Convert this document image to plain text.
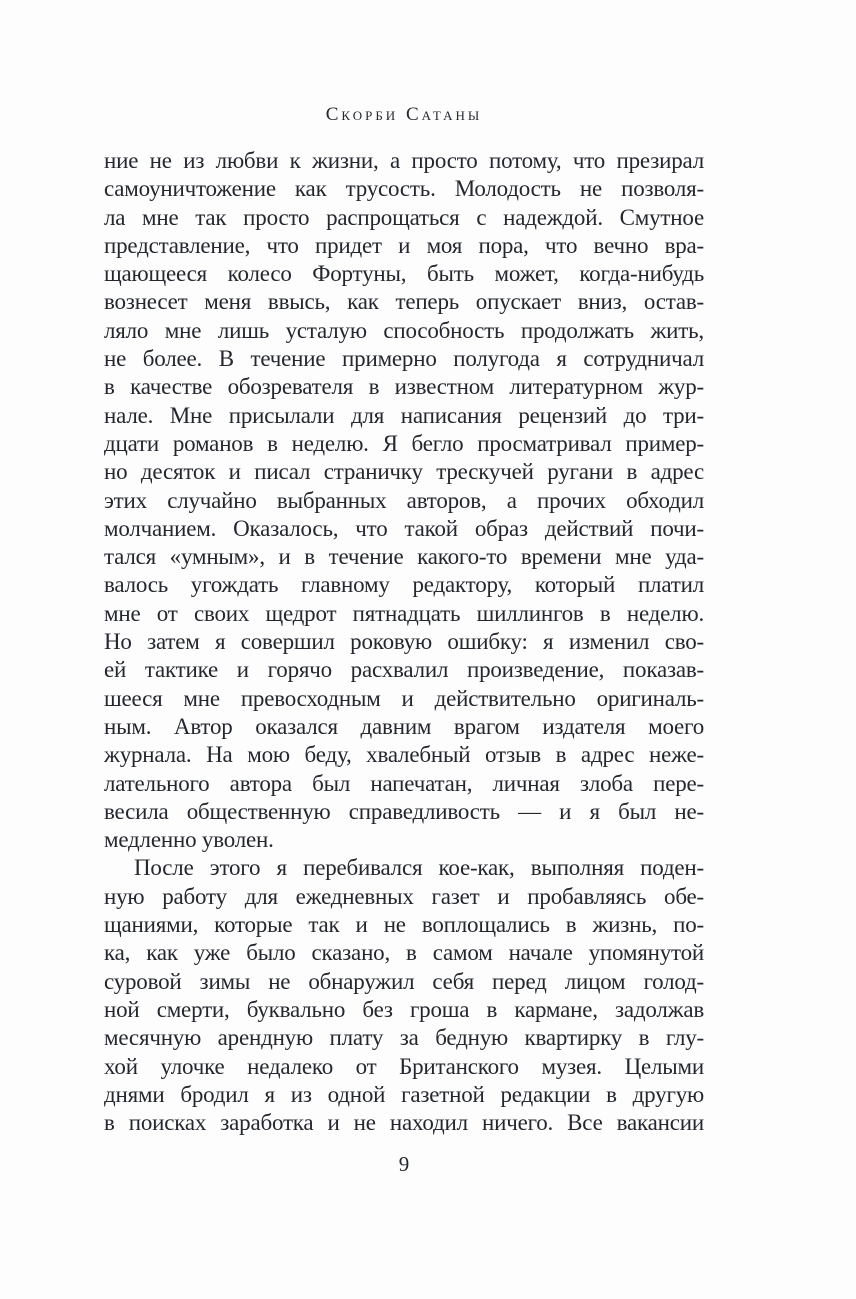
Скорби Сатаны
ние не из любви к жизни, а просто потому, что презирал
самоуничтожение как трусость. Молодость не позволя-
ла мне так просто распрощаться с надеждой. Смутное
представление, что придет и моя пора, что вечно вра-
щающееся колесо Фортуны, быть может, когда-нибудь
вознесет меня ввысь, как теперь опускает вниз, остав-
ляло мне лишь усталую способность продолжать жить,
не более. В течение примерно полугода я сотрудничал
в качестве обозревателя в известном литературном жур-
нале. Мне присылали для написания рецензий до три-
дцати романов в неделю. Я бегло просматривал пример-
но десяток и писал страничку трескучей ругани в адрес
этих случайно выбранных авторов, а прочих обходил
молчанием. Оказалось, что такой образ действий почи-
тался «умным», и в течение какого-то времени мне уда-
валось угождать главному редактору, который платил
мне от своих щедрот пятнадцать шиллингов в неделю.
Но затем я совершил роковую ошибку: я изменил сво-
ей тактике и горячо расхвалил произведение, показав-
шееся мне превосходным и действительно оригиналь-
ным. Автор оказался давним врагом издателя моего
журнала. На мою беду, хвалебный отзыв в адрес неже-
лательного автора был напечатан, личная злоба пере-
весила общественную справедливость — и я был не-
медленно уволен.
После этого я перебивался кое-как, выполняя поден-
ную работу для ежедневных газет и пробавляясь обе-
щаниями, которые так и не воплощались в жизнь, по-
ка, как уже было сказано, в самом начале упомянутой
суровой зимы не обнаружил себя перед лицом голод-
ной смерти, буквально без гроша в кармане, задолжав
месячную арендную плату за бедную квартирку в глу-
хой улочке недалеко от Британского музея. Целыми
днями бродил я из одной газетной редакции в другую
в поисках заработка и не находил ничего. Все вакансии
9
